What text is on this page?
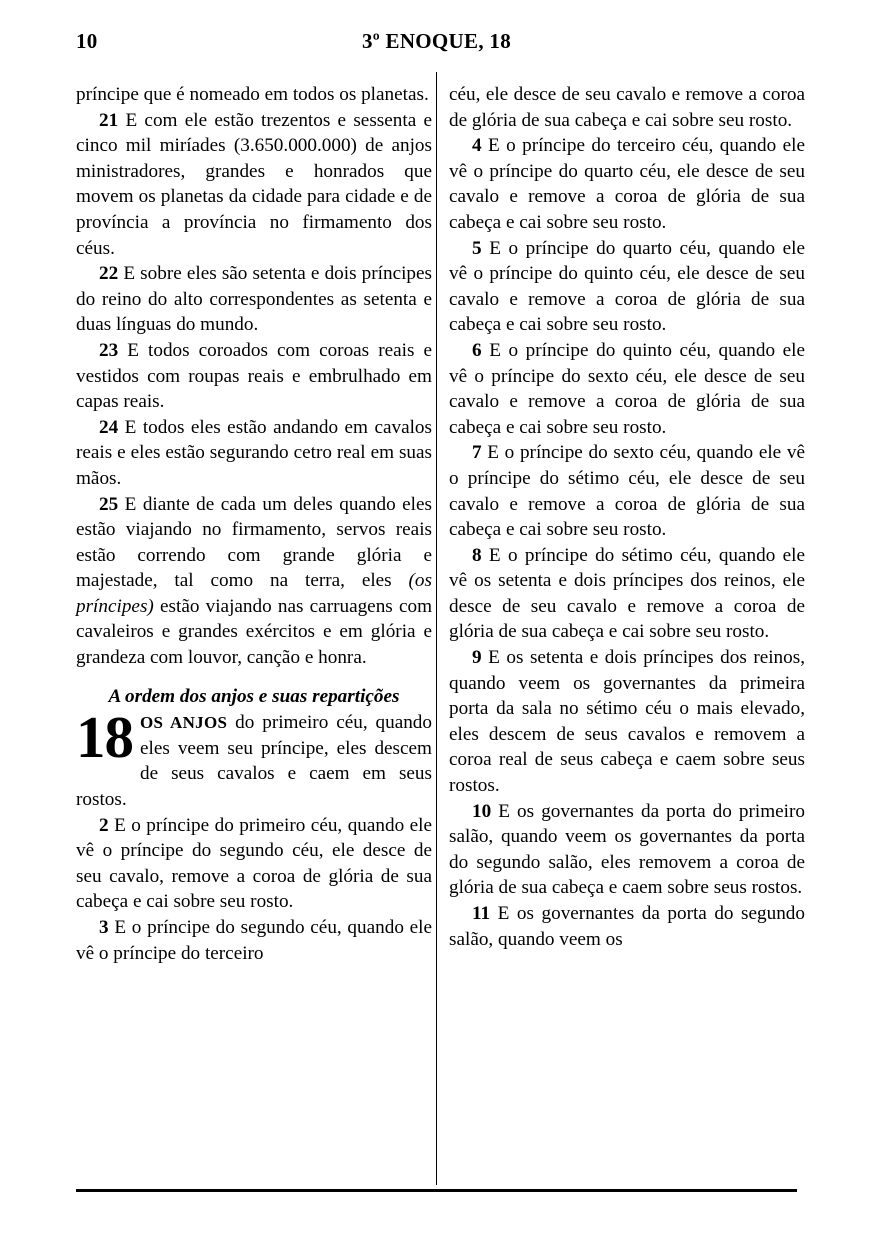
10	3º ENOQUE, 18

príncipe que é nomeado em todos os planetas.

21 E com ele estão trezentos e sessenta e cinco mil miríades (3.650.000.000) de anjos ministradores, grandes e honrados que movem os planetas da cidade para cidade e de província a província no firmamento dos céus.

22 E sobre eles são setenta e dois príncipes do reino do alto correspondentes as setenta e duas línguas do mundo.

23 E todos coroados com coroas reais e vestidos com roupas reais e embrulhado em capas reais.

24 E todos eles estão andando em cavalos reais e eles estão segurando cetro real em suas mãos.

25 E diante de cada um deles quando eles estão viajando no firmamento, servos reais estão correndo com grande glória e majestade, tal como na terra, eles (os príncipes) estão viajando nas carruagens com cavaleiros e grandes exércitos e em glória e grandeza com louvor, canção e honra.

A ordem dos anjos e suas repartições

18 OS ANJOS do primeiro céu, quando eles veem seu príncipe, eles descem de seus cavalos e caem em seus rostos.

2 E o príncipe do primeiro céu, quando ele vê o príncipe do segundo céu, ele desce de seu cavalo, remove a coroa de glória de sua cabeça e cai sobre seu rosto.

3 E o príncipe do segundo céu, quando ele vê o príncipe do terceiro

céu, ele desce de seu cavalo e remove a coroa de glória de sua cabeça e cai sobre seu rosto.

4 E o príncipe do terceiro céu, quando ele vê o príncipe do quarto céu, ele desce de seu cavalo e remove a coroa de glória de sua cabeça e cai sobre seu rosto.

5 E o príncipe do quarto céu, quando ele vê o príncipe do quinto céu, ele desce de seu cavalo e remove a coroa de glória de sua cabeça e cai sobre seu rosto.

6 E o príncipe do quinto céu, quando ele vê o príncipe do sexto céu, ele desce de seu cavalo e remove a coroa de glória de sua cabeça e cai sobre seu rosto.

7 E o príncipe do sexto céu, quando ele vê o príncipe do sétimo céu, ele desce de seu cavalo e remove a coroa de glória de sua cabeça e cai sobre seu rosto.

8 E o príncipe do sétimo céu, quando ele vê os setenta e dois príncipes dos reinos, ele desce de seu cavalo e remove a coroa de glória de sua cabeça e cai sobre seu rosto.

9 E os setenta e dois príncipes dos reinos, quando veem os governantes da primeira porta da sala no sétimo céu o mais elevado, eles descem de seus cavalos e removem a coroa real de seus cabeça e caem sobre seus rostos.

10 E os governantes da porta do primeiro salão, quando veem os governantes da porta do segundo salão, eles removem a coroa de glória de sua cabeça e caem sobre seus rostos.

11 E os governantes da porta do segundo salão, quando veem os
